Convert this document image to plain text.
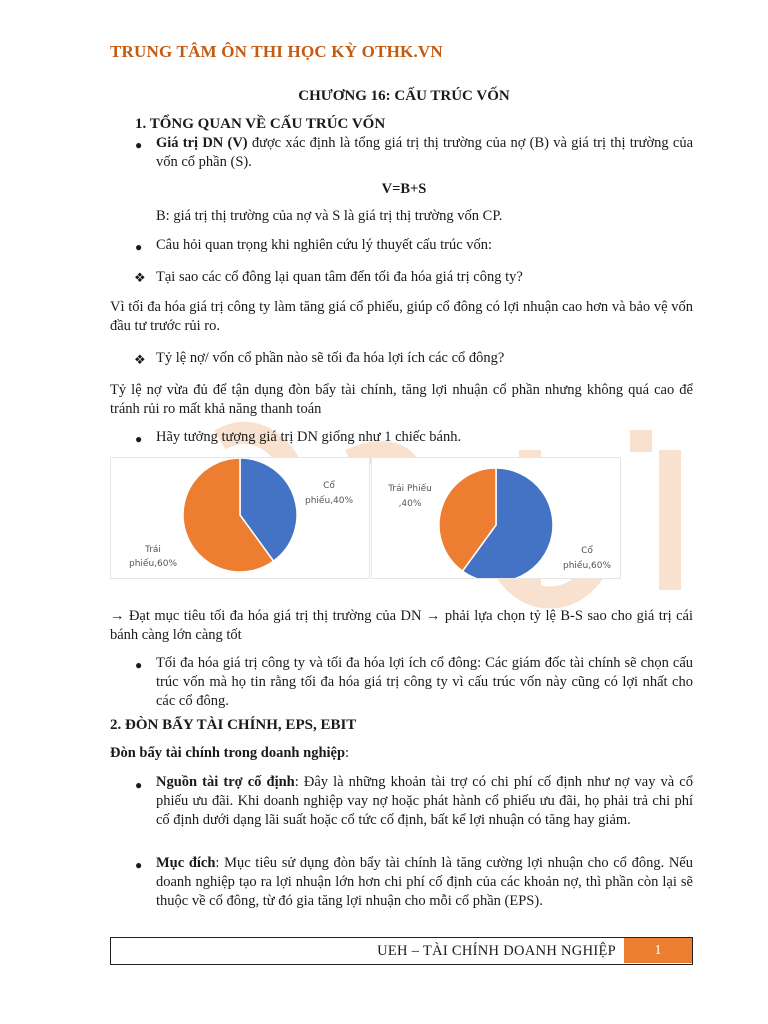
TRUNG TÂM ÔN THI HỌC KỲ OTHK.VN
CHƯƠNG 16: CẤU TRÚC VỐN
1. TỔNG QUAN VỀ CẤU TRÚC VỐN
● Giá trị DN (V) được xác định là tổng giá trị thị trường của nợ (B) và giá trị thị trường của vốn cổ phần (S).
V=B+S
B: giá trị thị trường của nợ và S là giá trị thị trường vốn CP.
● Câu hỏi quan trọng khi nghiên cứu lý thuyết cấu trúc vốn:
❖ Tại sao các cổ đông lại quan tâm đến tối đa hóa giá trị công ty?
Vì tối đa hóa giá trị công ty làm tăng giá cổ phiếu, giúp cổ đông có lợi nhuận cao hơn và bảo vệ vốn đầu tư trước rủi ro.
❖ Tỷ lệ nợ/ vốn cổ phần nào sẽ tối đa hóa lợi ích các cổ đông?
Tỷ lệ nợ vừa đủ để tận dụng đòn bẩy tài chính, tăng lợi nhuận cổ phần nhưng không quá cao để tránh rủi ro mất khả năng thanh toán
● Hãy tưởng tượng giá trị DN giống như 1 chiếc bánh.
Cổ
phiếu,40%
Trái
phiếu,60%
Trái Phiếu
,40%
Cổ
phiếu,60%
→ Đạt mục tiêu tối đa hóa giá trị thị trường của DN → phải lựa chọn tỷ lệ B-S sao cho giá trị cái bánh càng lớn càng tốt
● Tối đa hóa giá trị công ty và tối đa hóa lợi ích cổ đông: Các giám đốc tài chính sẽ chọn cấu trúc vốn mà họ tin rằng tối đa hóa giá trị công ty vì cấu trúc vốn này cũng có lợi nhất cho các cổ đông.
2. ĐÒN BẨY TÀI CHÍNH, EPS, EBIT
Đòn bẩy tài chính trong doanh nghiệp:
● Nguồn tài trợ cố định: Đây là những khoản tài trợ có chi phí cố định như nợ vay và cổ phiếu ưu đãi. Khi doanh nghiệp vay nợ hoặc phát hành cổ phiếu ưu đãi, họ phải trả chi phí cố định dưới dạng lãi suất hoặc cổ tức cố định, bất kể lợi nhuận có tăng hay giảm.
● Mục đích: Mục tiêu sử dụng đòn bẩy tài chính là tăng cường lợi nhuận cho cổ đông. Nếu doanh nghiệp tạo ra lợi nhuận lớn hơn chi phí cố định của các khoản nợ, thì phần còn lại sẽ thuộc về cổ đông, từ đó gia tăng lợi nhuận cho mỗi cổ phần (EPS).
UEH – TÀI CHÍNH DOANH NGHIỆP	1
